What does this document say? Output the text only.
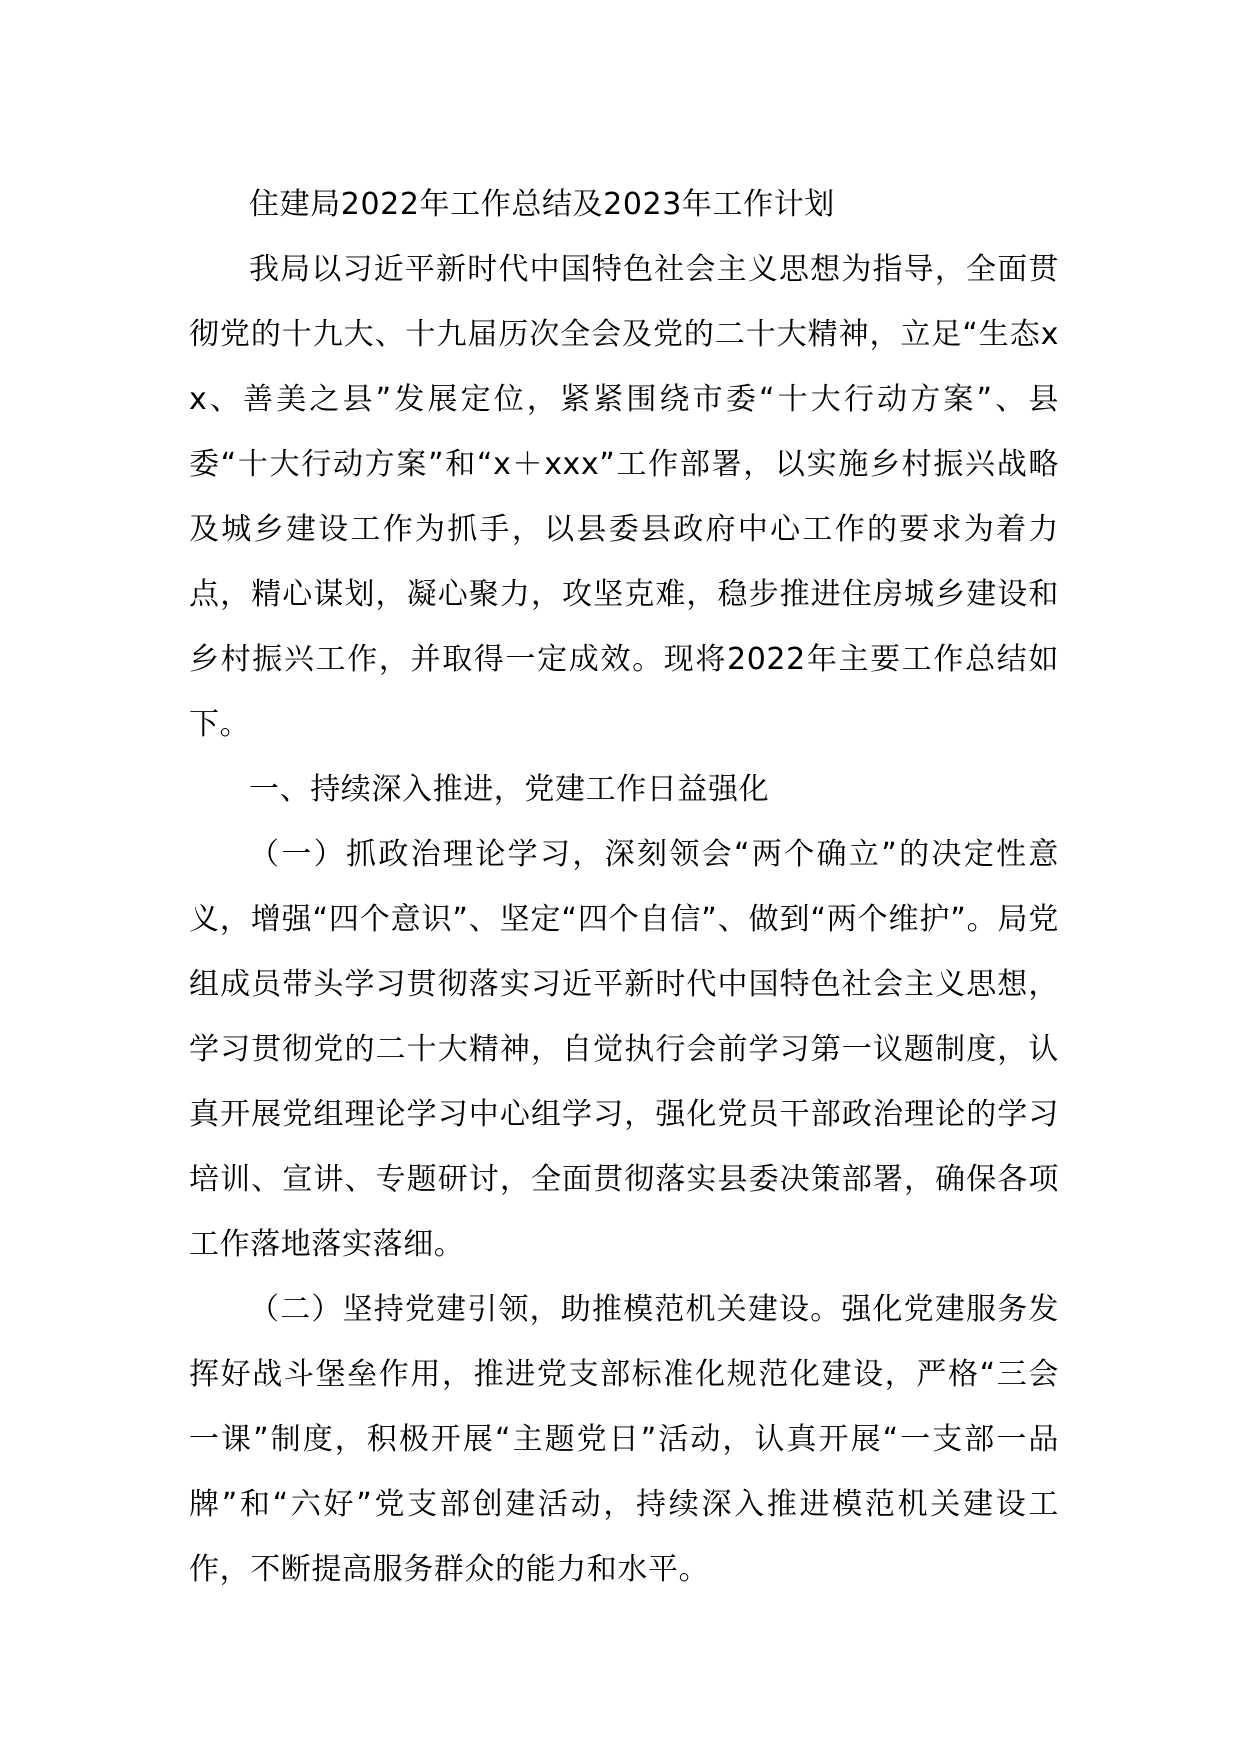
住建局2022年工作总结及2023年工作计划

我局以习近平新时代中国特色社会主义思想为指导，全面贯彻党的十九大、十九届历次全会及党的二十大精神，立足“生态xx、善美之县”发展定位，紧紧围绕市委“十大行动方案”、县委“十大行动方案”和“x＋xxx”工作部署，以实施乡村振兴战略及城乡建设工作为抓手，以县委县政府中心工作的要求为着力点，精心谋划，凝心聚力，攻坚克难，稳步推进住房城乡建设和乡村振兴工作，并取得一定成效。现将2022年主要工作总结如下。

一、持续深入推进，党建工作日益强化

（一）抓政治理论学习，深刻领会“两个确立”的决定性意义，增强“四个意识”、坚定“四个自信”、做到“两个维护”。局党组成员带头学习贯彻落实习近平新时代中国特色社会主义思想，学习贯彻党的二十大精神，自觉执行会前学习第一议题制度，认真开展党组理论学习中心组学习，强化党员干部政治理论的学习培训、宣讲、专题研讨，全面贯彻落实县委决策部署，确保各项工作落地落实落细。

（二）坚持党建引领，助推模范机关建设。强化党建服务发挥好战斗堡垒作用，推进党支部标准化规范化建设，严格“三会一课”制度，积极开展“主题党日”活动，认真开展“一支部一品牌”和“六好”党支部创建活动，持续深入推进模范机关建设工作，不断提高服务群众的能力和水平。
